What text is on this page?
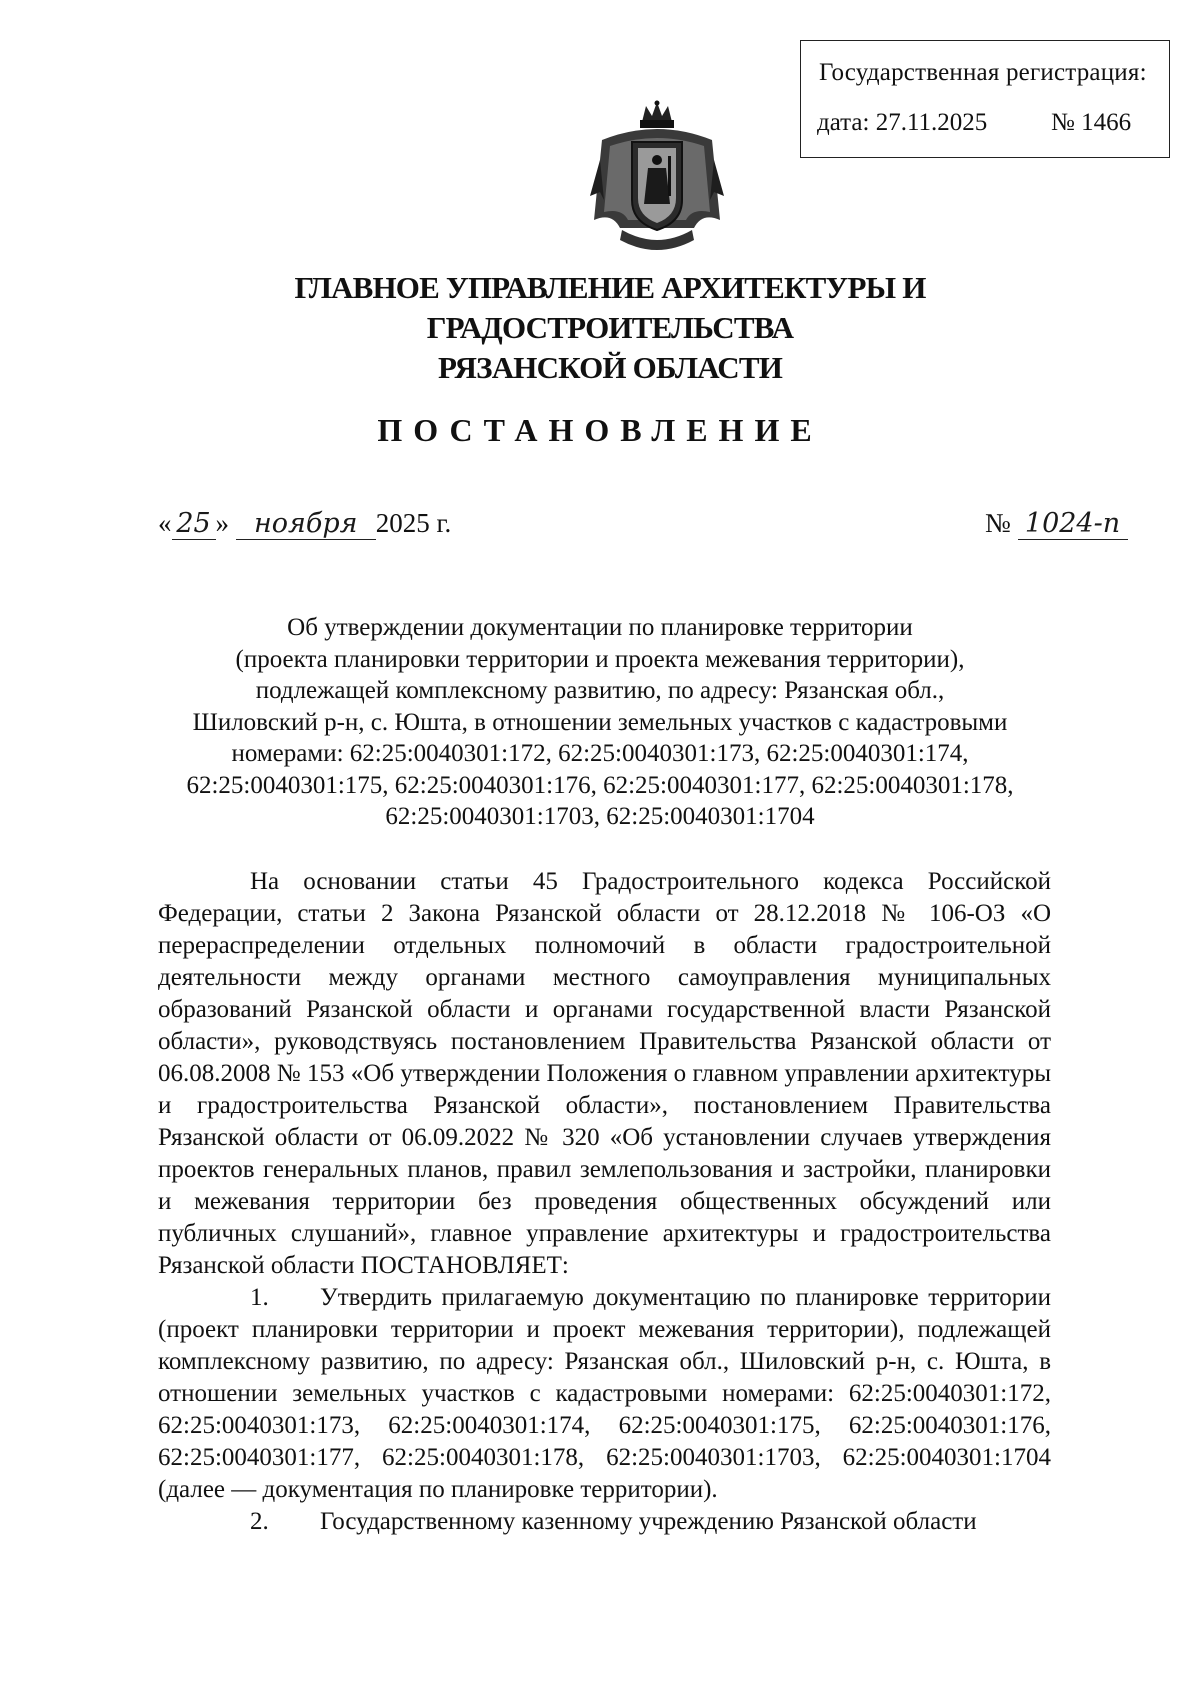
Государственная регистрация:
дата: 27.11.2025	№ 1466
ГЛАВНОЕ УПРАВЛЕНИЕ АРХИТЕКТУРЫ И ГРАДОСТРОИТЕЛЬСТВА
РЯЗАНСКОЙ ОБЛАСТИ
ПОСТАНОВЛЕНИЕ
« 25 » ноября 2025 г.	№ 1024-п
Об утверждении документации по планировке территории
(проекта планировки территории и проекта межевания территории),
подлежащей комплексному развитию, по адресу: Рязанская обл.,
Шиловский р-н, с. Юшта, в отношении земельных участков с кадастровыми
номерами: 62:25:0040301:172, 62:25:0040301:173, 62:25:0040301:174,
62:25:0040301:175, 62:25:0040301:176, 62:25:0040301:177, 62:25:0040301:178,
62:25:0040301:1703, 62:25:0040301:1704

На основании статьи 45 Градостроительного кодекса Российской Федерации, статьи 2 Закона Рязанской области от 28.12.2018 № 106-ОЗ «О перераспределении отдельных полномочий в области градостроительной деятельности между органами местного самоуправления муниципальных образований Рязанской области и органами государственной власти Рязанской области», руководствуясь постановлением Правительства Рязанской области от 06.08.2008 № 153 «Об утверждении Положения о главном управлении архитектуры и градостроительства Рязанской области», постановлением Правительства Рязанской области от 06.09.2022 № 320 «Об установлении случаев утверждения проектов генеральных планов, правил землепользования и застройки, планировки и межевания территории без проведения общественных обсуждений или публичных слушаний», главное управление архитектуры и градостроительства Рязанской области ПОСТАНОВЛЯЕТ:

1. Утвердить прилагаемую документацию по планировке территории (проект планировки территории и проект межевания территории), подлежащей комплексному развитию, по адресу: Рязанская обл., Шиловский р-н, с. Юшта, в отношении земельных участков с кадастровыми номерами: 62:25:0040301:172, 62:25:0040301:173, 62:25:0040301:174, 62:25:0040301:175, 62:25:0040301:176, 62:25:0040301:177, 62:25:0040301:178, 62:25:0040301:1703, 62:25:0040301:1704 (далее — документация по планировке территории).

2. Государственному казенному учреждению Рязанской области
